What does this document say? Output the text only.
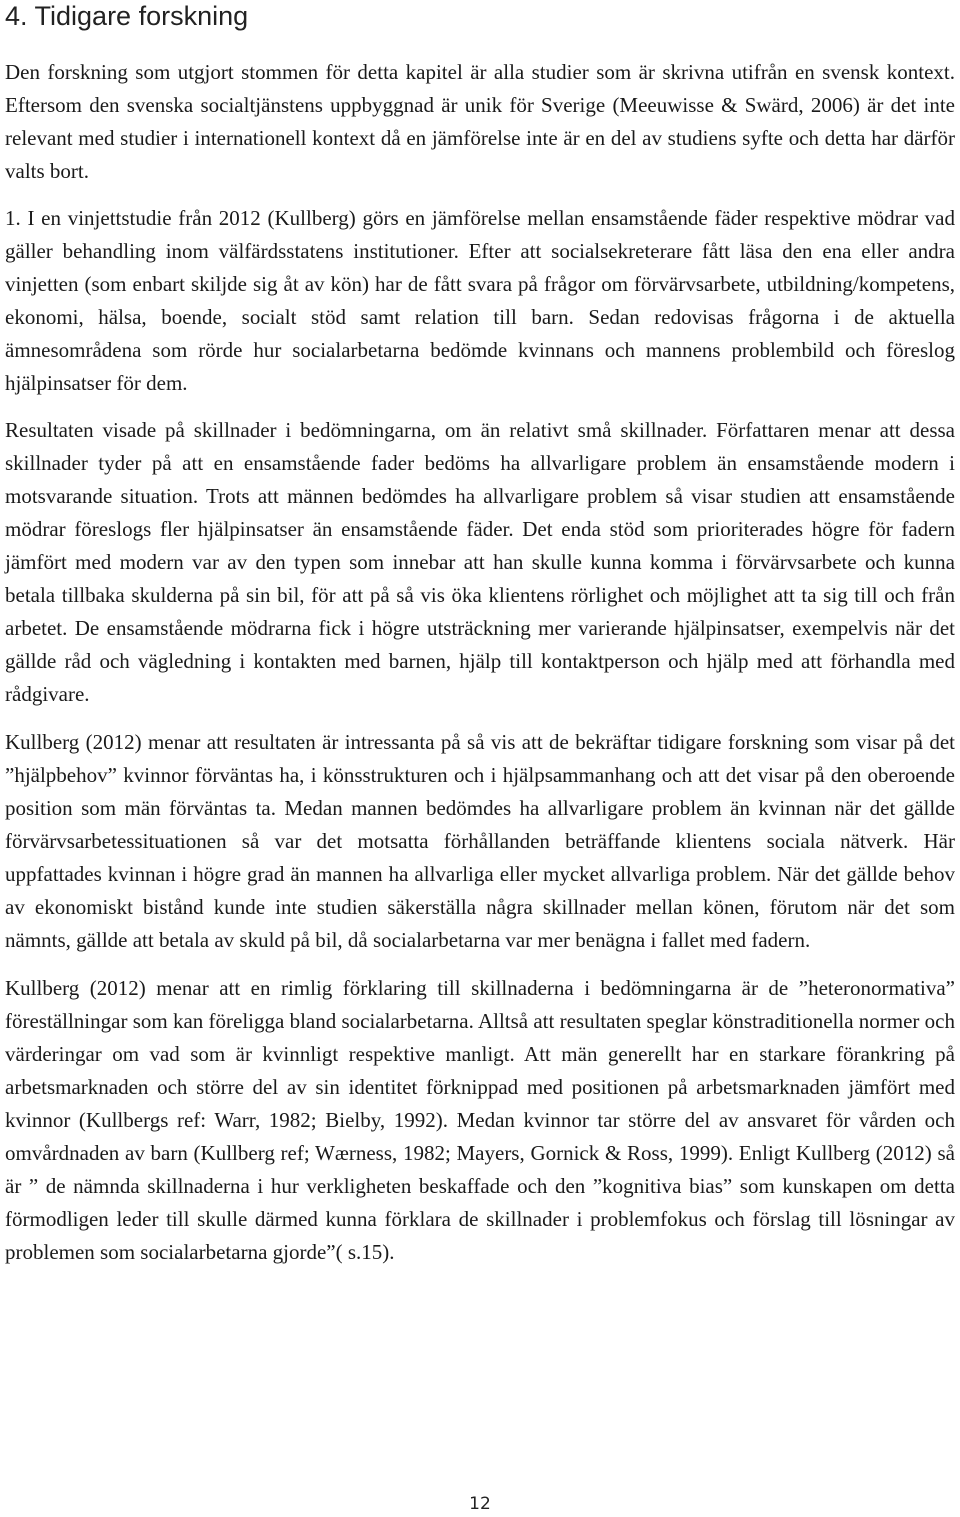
4. Tidigare forskning

Den forskning som utgjort stommen för detta kapitel är alla studier som är skrivna utifrån en svensk kontext. Eftersom den svenska socialtjänstens uppbyggnad är unik för Sverige (Meeuwisse & Swärd, 2006) är det inte relevant med studier i internationell kontext då en jämförelse inte är en del av studiens syfte och detta har därför valts bort.

1. I en vinjettstudie från 2012 (Kullberg) görs en jämförelse mellan ensamstående fäder respektive mödrar vad gäller behandling inom välfärdsstatens institutioner. Efter att socialsekreterare fått läsa den ena eller andra vinjetten (som enbart skiljde sig åt av kön) har de fått svara på frågor om förvärvsarbete, utbildning/kompetens, ekonomi, hälsa, boende, socialt stöd samt relation till barn. Sedan redovisas frågorna i de aktuella ämnesområdena som rörde hur socialarbetarna bedömde kvinnans och mannens problembild och föreslog hjälpinsatser för dem.

Resultaten visade på skillnader i bedömningarna, om än relativt små skillnader. Författaren menar att dessa skillnader tyder på att en ensamstående fader bedöms ha allvarligare problem än ensamstående modern i motsvarande situation. Trots att männen bedömdes ha allvarligare problem så visar studien att ensamstående mödrar föreslogs fler hjälpinsatser än ensamstående fäder. Det enda stöd som prioriterades högre för fadern jämfört med modern var av den typen som innebar att han skulle kunna komma i förvärvsarbete och kunna betala tillbaka skulderna på sin bil, för att på så vis öka klientens rörlighet och möjlighet att ta sig till och från arbetet. De ensamstående mödrarna fick i högre utsträckning mer varierande hjälpinsatser, exempelvis när det gällde råd och vägledning i kontakten med barnen, hjälp till kontaktperson och hjälp med att förhandla med rådgivare.

Kullberg (2012) menar att resultaten är intressanta på så vis att de bekräftar tidigare forskning som visar på det ”hjälpbehov” kvinnor förväntas ha, i könsstrukturen och i hjälpsammanhang och att det visar på den oberoende position som män förväntas ta. Medan mannen bedömdes ha allvarligare problem än kvinnan när det gällde förvärvsarbetessituationen så var det motsatta förhållanden beträffande klientens sociala nätverk. Här uppfattades kvinnan i högre grad än mannen ha allvarliga eller mycket allvarliga problem. När det gällde behov av ekonomiskt bistånd kunde inte studien säkerställa några skillnader mellan könen, förutom när det som nämnts, gällde att betala av skuld på bil, då socialarbetarna var mer benägna i fallet med fadern.

Kullberg (2012) menar att en rimlig förklaring till skillnaderna i bedömningarna är de ”heteronormativa” föreställningar som kan föreligga bland socialarbetarna. Alltså att resultaten speglar könstraditionella normer och värderingar om vad som är kvinnligt respektive manligt. Att män generellt har en starkare förankring på arbetsmarknaden och större del av sin identitet förknippad med positionen på arbetsmarknaden jämfört med kvinnor (Kullbergs ref: Warr, 1982; Bielby, 1992). Medan kvinnor tar större del av ansvaret för vården och omvårdnaden av barn (Kullberg ref; Wærness, 1982; Mayers, Gornick & Ross, 1999). Enligt Kullberg (2012) så är ” de nämnda skillnaderna i hur verkligheten beskaffade och den ”kognitiva bias” som kunskapen om detta förmodligen leder till skulle därmed kunna förklara de skillnader i problemfokus och förslag till lösningar av problemen som socialarbetarna gjorde”( s.15).

12
